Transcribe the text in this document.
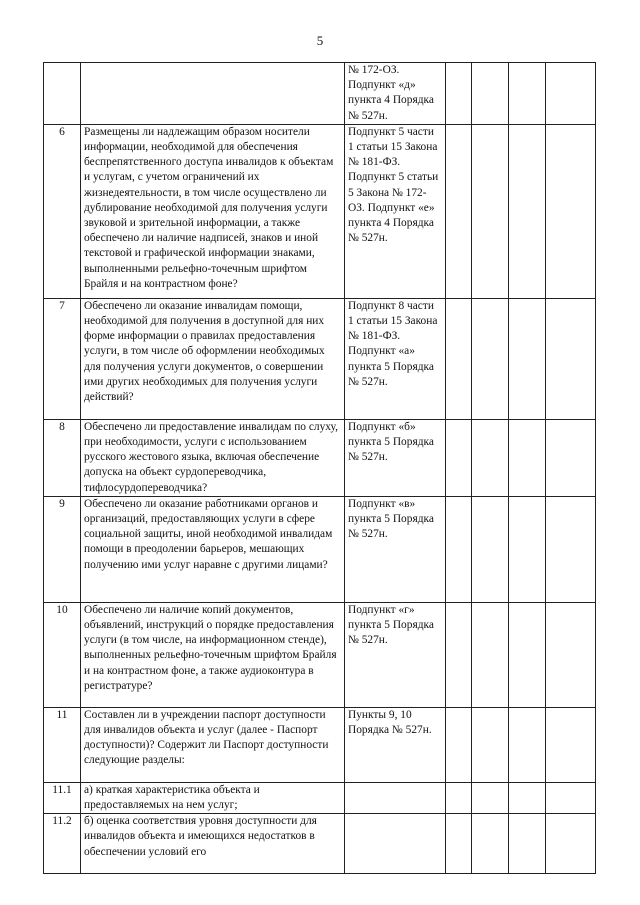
5
		№ 172-ОЗ. Подпункт «д» пункта 4 Порядка № 527н.				
6	Размещены ли надлежащим образом носители информации, необходимой для обеспечения беспрепятственного доступа инвалидов к объектам и услугам, с учетом ограничений их жизнедеятельности, в том числе осуществлено ли дублирование необходимой для получения услуги звуковой и зрительной информации, а также обеспечено ли наличие надписей, знаков и иной текстовой и графической информации знаками, выполненными рельефно-точечным шрифтом Брайля и на контрастном фоне?	Подпункт 5 части 1 статьи 15 Закона № 181-ФЗ. Подпункт 5 статьи 5 Закона № 172-ОЗ. Подпункт «е» пункта 4 Порядка № 527н.				
7	Обеспечено ли оказание инвалидам помощи, необходимой для получения в доступной для них форме информации о правилах предоставления услуги, в том числе об оформлении необходимых для получения услуги документов, о совершении ими других необходимых для получения услуги действий?	Подпункт 8 части 1 статьи 15 Закона № 181-ФЗ. Подпункт «а» пункта 5 Порядка № 527н.				
8	Обеспечено ли предоставление инвалидам по слуху, при необходимости, услуги с использованием русского жестового языка, включая обеспечение допуска на объект сурдопереводчика, тифлосурдопереводчика?	Подпункт «б» пункта 5 Порядка № 527н.				
9	Обеспечено ли оказание работниками органов и организаций, предоставляющих услуги в сфере социальной защиты, иной необходимой инвалидам помощи в преодолении барьеров, мешающих получению ими услуг наравне с другими лицами?	Подпункт «в» пункта 5 Порядка № 527н.				
10	Обеспечено ли наличие копий документов, объявлений, инструкций о порядке предоставления услуги (в том числе, на информационном стенде), выполненных рельефно-точечным шрифтом Брайля и на контрастном фоне, а также аудиоконтура в регистратуре?	Подпункт «г» пункта 5 Порядка № 527н.				
11	Составлен ли в учреждении паспорт доступности для инвалидов объекта и услуг (далее - Паспорт доступности)? Содержит ли Паспорт доступности следующие разделы:	Пункты 9, 10 Порядка № 527н.				
11.1	а) краткая характеристика объекта и предоставляемых на нем услуг;					
11.2	б) оценка соответствия уровня доступности для инвалидов объекта и имеющихся недостатков в обеспечении условий его					
